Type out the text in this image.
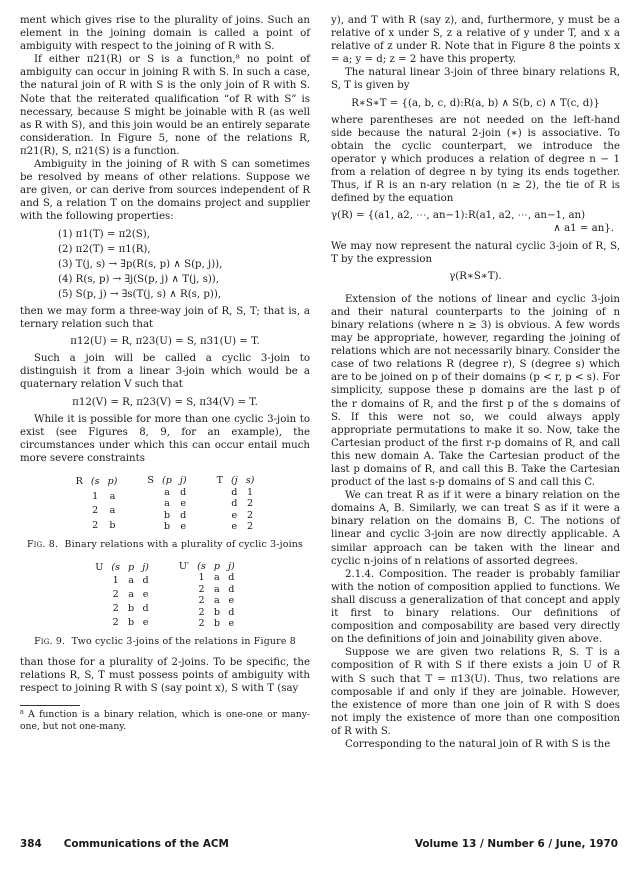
ment which gives rise to the plurality of joins. Such an element in the joining domain is called a point of ambiguity with respect to the joining of R with S.

If either π21(R) or S is a function,⁸ no point of ambiguity can occur in joining R with S. In such a case, the natural join of R with S is the only join of R with S. Note that the reiterated qualification “of R with S” is necessary, because S might be joinable with R (as well as R with S), and this join would be an entirely separate consideration. In Figure 5, none of the relations R, π21(R), S, π21(S) is a function.

Ambiguity in the joining of R with S can sometimes be resolved by means of other relations. Suppose we are given, or can derive from sources independent of R and S, a relation T on the domains project and supplier with the following properties:

(1) π1(T) = π2(S),

(2) π2(T) = π1(R),

(3) T(j, s) → ∃p(R(s, p) ∧ S(p, j)),

(4) R(s, p) → ∃j(S(p, j) ∧ T(j, s)),

(5) S(p, j) → ∃s(T(j, s) ∧ R(s, p)),

then we may form a three-way join of R, S, T; that is, a ternary relation such that

π12(U) = R, π23(U) = S, π31(U) = T.

Such a join will be called a cyclic 3-join to distinguish it from a linear 3-join which would be a quaternary relation V such that

π12(V) = R, π23(V) = S, π34(V) = T.

While it is possible for more than one cyclic 3-join to exist (see Figures 8, 9, for an example), the circumstances under which this can occur entail much more severe constraints

R	(s	p)
	1	a
	2	a
	2	b
S	(p	j)
	a	d
	a	e
	b	d
	b	e
T	(j	s)
	d	1
	d	2
	e	2
	e	2

Fig. 8. Binary relations with a plurality of cyclic 3-joins

U	(s	p	j)
	1	a	d
	2	a	e
	2	b	d
	2	b	e
U′	(s	p	j)
	1	a	d
	2	a	d
	2	a	e
	2	b	d
	2	b	e

Fig. 9. Two cyclic 3-joins of the relations in Figure 8

than those for a plurality of 2-joins. To be specific, the relations R, S, T must possess points of ambiguity with respect to joining R with S (say point x), S with T (say

⁸ A function is a binary relation, which is one-one or many-one, but not one-many.

y), and T with R (say z), and, furthermore, y must be a relative of x under S, z a relative of y under T, and x a relative of z under R. Note that in Figure 8 the points x = a; y = d; z = 2 have this property.

The natural linear 3-join of three binary relations R, S, T is given by

R∗S∗T = {(a, b, c, d):R(a, b) ∧ S(b, c) ∧ T(c, d)}

where parentheses are not needed on the left-hand side because the natural 2-join (∗) is associative. To obtain the cyclic counterpart, we introduce the operator γ which produces a relation of degree n − 1 from a relation of degree n by tying its ends together. Thus, if R is an n-ary relation (n ≥ 2), the tie of R is defined by the equation

γ(R) = {(a1, a2, ⋯, an−1):R(a1, a2, ⋯, an−1, an)

∧ a1 = an}.

We may now represent the natural cyclic 3-join of R, S, T by the expression

γ(R∗S∗T).

Extension of the notions of linear and cyclic 3-join and their natural counterparts to the joining of n binary relations (where n ≥ 3) is obvious. A few words may be appropriate, however, regarding the joining of relations which are not necessarily binary. Consider the case of two relations R (degree r), S (degree s) which are to be joined on p of their domains (p < r, p < s). For simplicity, suppose these p domains are the last p of the r domains of R, and the first p of the s domains of S. If this were not so, we could always apply appropriate permutations to make it so. Now, take the Cartesian product of the first r-p domains of R, and call this new domain A. Take the Cartesian product of the last p domains of R, and call this B. Take the Cartesian product of the last s-p domains of S and call this C.

We can treat R as if it were a binary relation on the domains A, B. Similarly, we can treat S as if it were a binary relation on the domains B, C. The notions of linear and cyclic 3-join are now directly applicable. A similar approach can be taken with the linear and cyclic n-joins of n relations of assorted degrees.

2.1.4. Composition. The reader is probably familiar with the notion of composition applied to functions. We shall discuss a generalization of that concept and apply it first to binary relations. Our definitions of composition and composability are based very directly on the definitions of join and joinability given above.

Suppose we are given two relations R, S. T is a composition of R with S if there exists a join U of R with S such that T = π13(U). Thus, two relations are composable if and only if they are joinable. However, the existence of more than one join of R with S does not imply the existence of more than one composition of R with S.

Corresponding to the natural join of R with S is the

384 Communications of the ACM	Volume 13 / Number 6 / June, 1970
